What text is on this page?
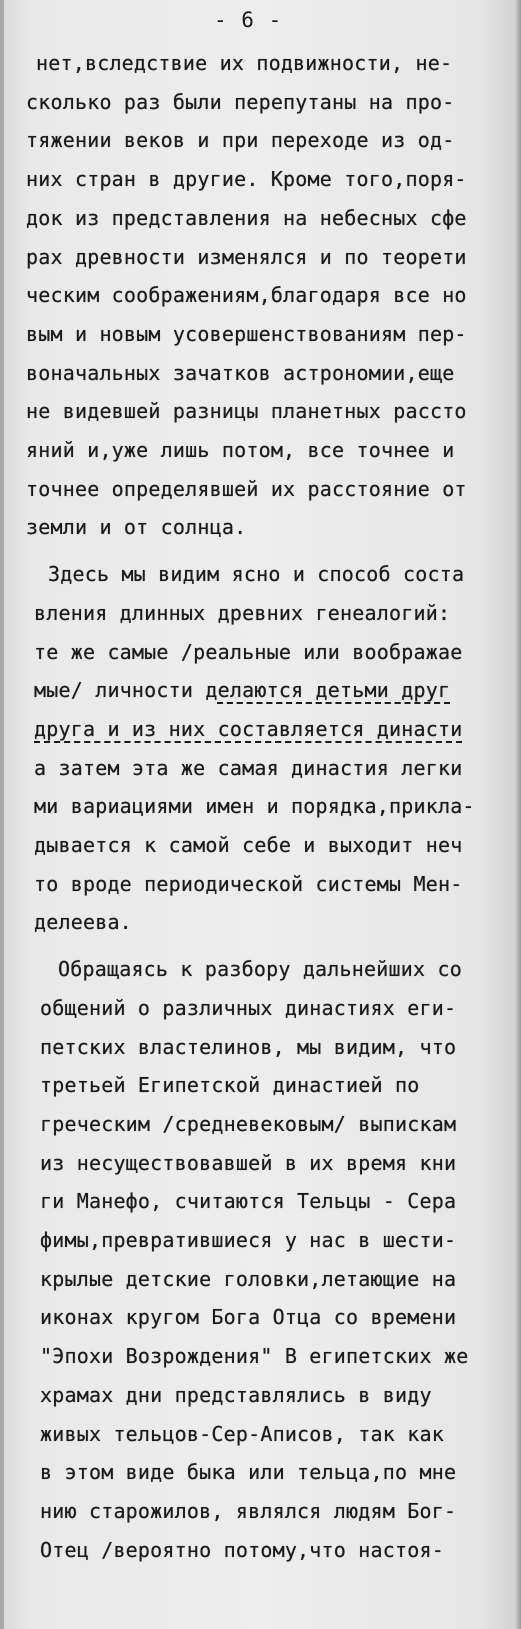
- 6 -
нет,вследствие их подвижности, не-
сколько раз были перепутаны на про-
тяжении веков и при переходе из од-
них стран в другие. Кроме того,поря-
док из представления на небесных сфе
рах древности изменялся и по теорети
ческим соображениям,благодаря все но
вым и новым усовершенствованиям пер-
воначальных зачатков астрономии,еще
не видевшей разницы планетных рассто
яний и,уже лишь потом, все точнее и
точнее определявшей их расстояние от
земли и от солнца.
Здесь мы видим ясно и способ соста
вления длинных древних генеалогий:
те же самые /реальные или воображае
мые/ личности делаются детьми друг
друга и из них составляется династи
а затем эта же самая династия легки
ми вариациями имен и порядка,прикла-
дывается к самой себе и выходит неч
то вроде периодической системы Мен-
делеева.
Обращаясь к разбору дальнейших со
общений о различных династиях еги-
петских властелинов, мы видим, что
третьей Египетской династией по
греческим /средневековым/ выпискам
из несуществовавшей в их время кни
ги Манефо, считаются Тельцы - Сера
фимы,превратившиеся у нас в шести-
крылые детские головки,летающие на
иконах кругом Бога Отца со времени
"Эпохи Возрождения" В египетских же
храмах дни представлялись в виду
живых тельцов-Сер-Аписов, так как
в этом виде быка или тельца,по мне
нию старожилов, являлся людям Бог-
Отец /вероятно потому,что настоя-
